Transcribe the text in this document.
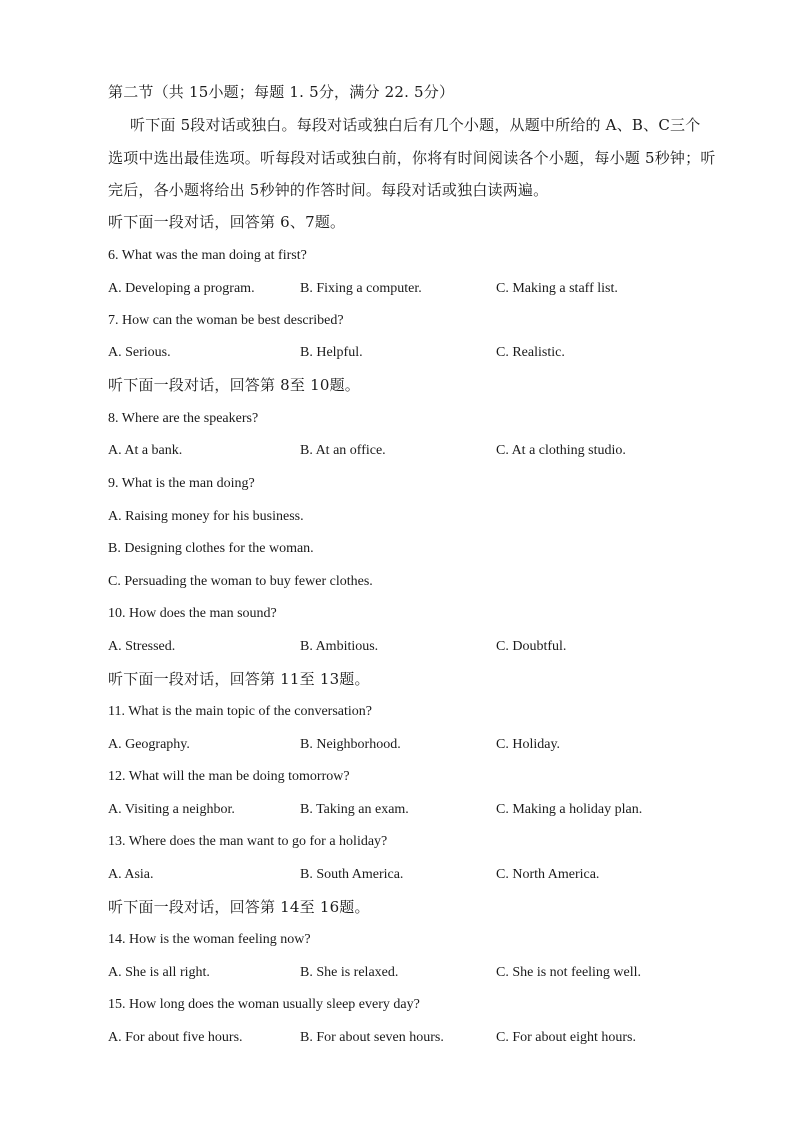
第二节（共 15小题；每题 1. 5分，满分 22. 5分）
听下面 5段对话或独白。每段对话或独白后有几个小题，从题中所给的 A、B、C三个
选项中选出最佳选项。听每段对话或独白前，你将有时间阅读各个小题，每小题 5秒钟；听
完后，各小题将给出 5秒钟的作答时间。每段对话或独白读两遍。
听下面一段对话，回答第 6、7题。
6. What was the man doing at first?
A. Developing a program.	B. Fixing a computer.	C. Making a staff list.
7. How can the woman be best described?
A. Serious.	B. Helpful.	C. Realistic.
听下面一段对话，回答第 8至 10题。
8. Where are the speakers?
A. At a bank.	B. At an office.	C. At a clothing studio.
9. What is the man doing?
A. Raising money for his business.
B. Designing clothes for the woman.
C. Persuading the woman to buy fewer clothes.
10. How does the man sound?
A. Stressed.	B. Ambitious.	C. Doubtful.
听下面一段对话，回答第 11至 13题。
11. What is the main topic of the conversation?
A. Geography.	B. Neighborhood.	C. Holiday.
12. What will the man be doing tomorrow?
A. Visiting a neighbor.	B. Taking an exam.	C. Making a holiday plan.
13. Where does the man want to go for a holiday?
A. Asia.	B. South America.	C. North America.
听下面一段对话，回答第 14至 16题。
14. How is the woman feeling now?
A. She is all right.	B. She is relaxed.	C. She is not feeling well.
15. How long does the woman usually sleep every day?
A. For about five hours.	B. For about seven hours.	C. For about eight hours.
